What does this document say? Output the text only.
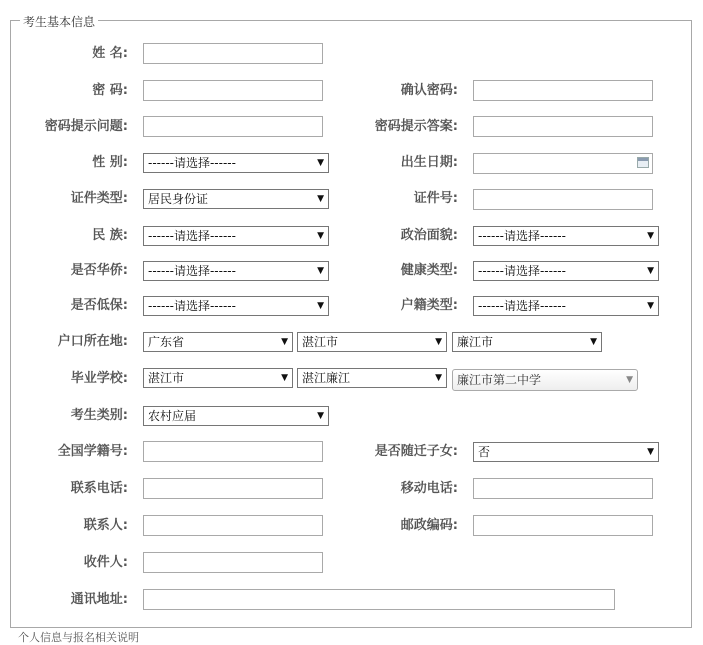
考生基本信息
姓 名:
密 码:	确认密码:
密码提示问题:	密码提示答案:
性 别:	------请选择------	▼	出生日期:
证件类型:	居民身份证	▼	证件号:
民 族:	------请选择------	▼	政治面貌:	------请选择------	▼
是否华侨:	------请选择------	▼	健康类型:	------请选择------	▼
是否低保:	------请选择------	▼	户籍类型:	------请选择------	▼
户口所在地:	广东省	▼	湛江市	▼	廉江市	▼
毕业学校:	湛江市	▼	湛江廉江	▼	廉江市第二中学	▼
考生类别:	农村应届	▼
全国学籍号:	是否随迁子女:	否	▼
联系电话:	移动电话:
联系人:	邮政编码:
收件人:
通讯地址:
个人信息与报名相关说明
